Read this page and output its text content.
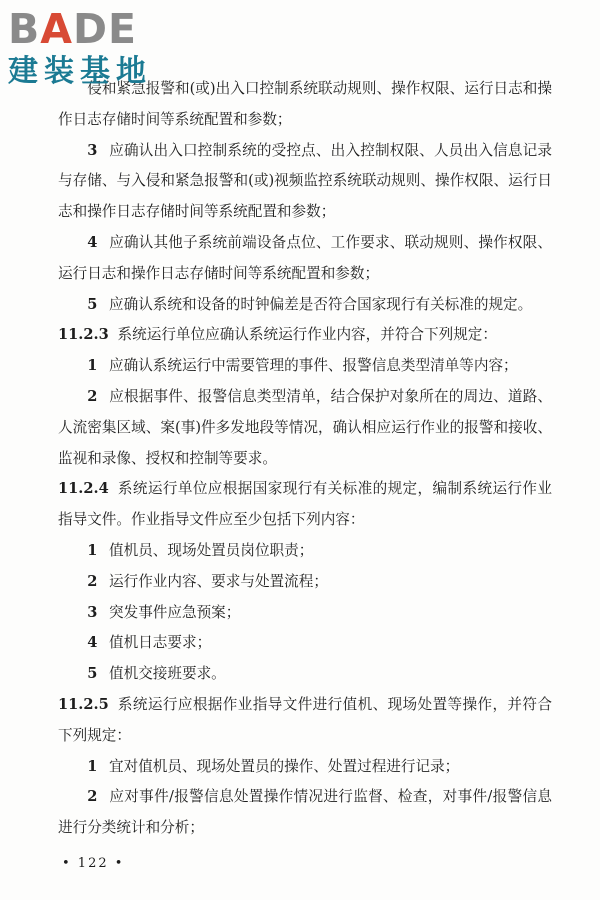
BADE
建装基地

侵和紧急报警和(或)出入口控制系统联动规则、操作权限、运行日志和操作日志存储时间等系统配置和参数；

3 应确认出入口控制系统的受控点、出入控制权限、人员出入信息记录与存储、与入侵和紧急报警和(或)视频监控系统联动规则、操作权限、运行日志和操作日志存储时间等系统配置和参数；

4 应确认其他子系统前端设备点位、工作要求、联动规则、操作权限、运行日志和操作日志存储时间等系统配置和参数；

5 应确认系统和设备的时钟偏差是否符合国家现行有关标准的规定。

11.2.3 系统运行单位应确认系统运行作业内容，并符合下列规定：

1 应确认系统运行中需要管理的事件、报警信息类型清单等内容；

2 应根据事件、报警信息类型清单，结合保护对象所在的周边、道路、人流密集区域、案(事)件多发地段等情况，确认相应运行作业的报警和接收、监视和录像、授权和控制等要求。

11.2.4 系统运行单位应根据国家现行有关标准的规定，编制系统运行作业指导文件。作业指导文件应至少包括下列内容：

1 值机员、现场处置员岗位职责；

2 运行作业内容、要求与处置流程；

3 突发事件应急预案；

4 值机日志要求；

5 值机交接班要求。

11.2.5 系统运行应根据作业指导文件进行值机、现场处置等操作，并符合下列规定：

1 宜对值机员、现场处置员的操作、处置过程进行记录；

2 应对事件/报警信息处置操作情况进行监督、检查，对事件/报警信息进行分类统计和分析；

• 122 •
